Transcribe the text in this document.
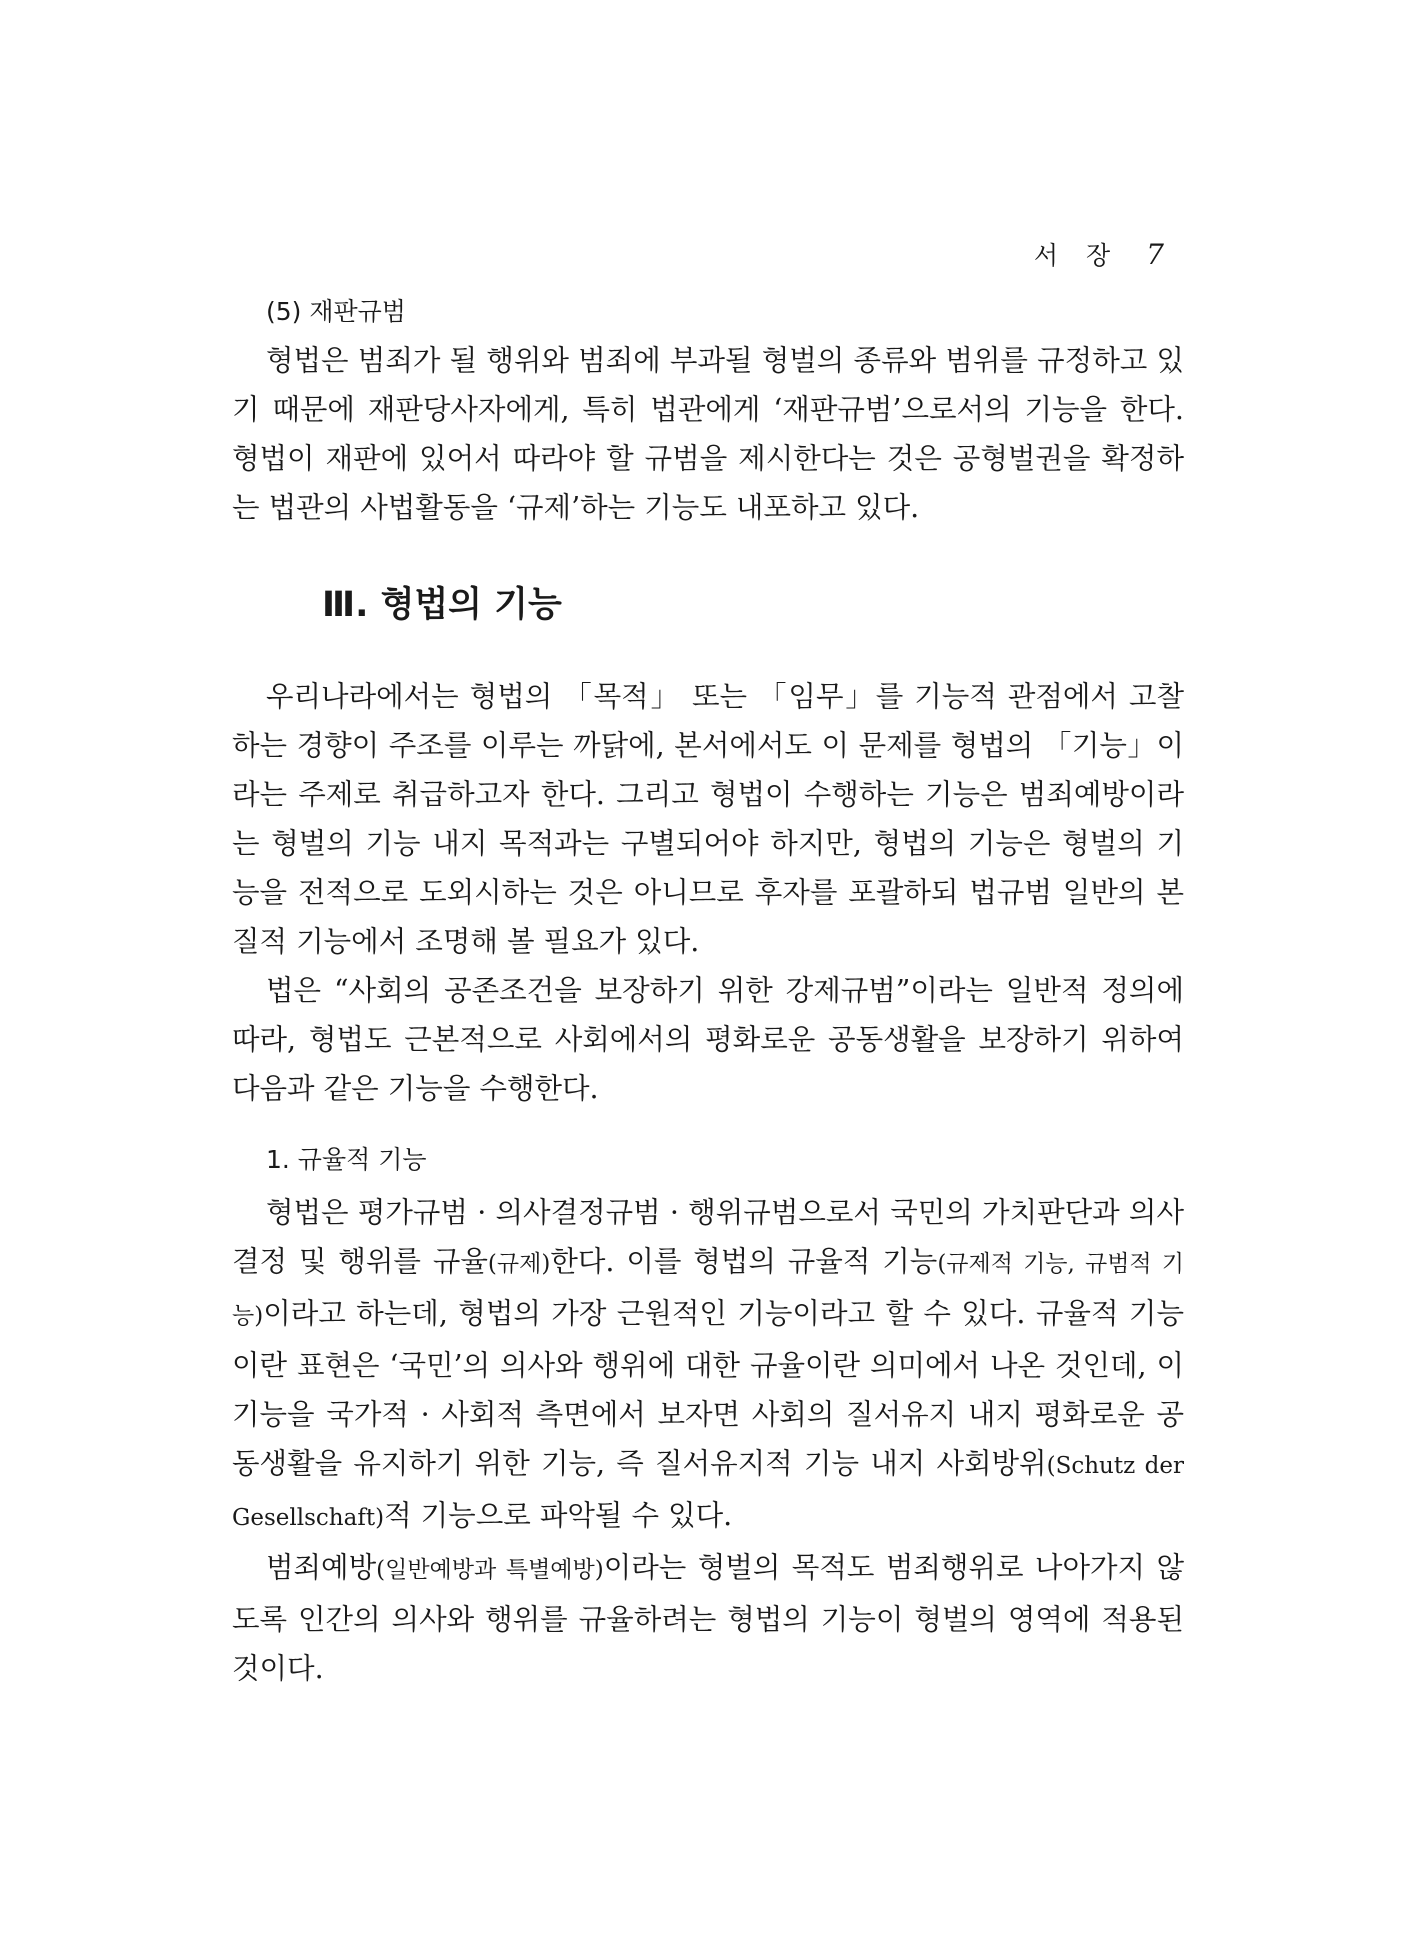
서장 7

(5) 재판규범

형법은 범죄가 될 행위와 범죄에 부과될 형벌의 종류와 범위를 규정하고 있기 때문에 재판당사자에게, 특히 법관에게 ‘재판규범’으로서의 기능을 한다. 형법이 재판에 있어서 따라야 할 규범을 제시한다는 것은 공형벌권을 확정하는 법관의 사법활동을 ‘규제’하는 기능도 내포하고 있다.

Ⅲ. 형법의 기능

우리나라에서는 형법의 「목적」 또는 「임무」를 기능적 관점에서 고찰하는 경향이 주조를 이루는 까닭에, 본서에서도 이 문제를 형법의 「기능」이라는 주제로 취급하고자 한다. 그리고 형법이 수행하는 기능은 범죄예방이라는 형벌의 기능 내지 목적과는 구별되어야 하지만, 형법의 기능은 형벌의 기능을 전적으로 도외시하는 것은 아니므로 후자를 포괄하되 법규범 일반의 본질적 기능에서 조명해 볼 필요가 있다.

법은 “사회의 공존조건을 보장하기 위한 강제규범”이라는 일반적 정의에 따라, 형법도 근본적으로 사회에서의 평화로운 공동생활을 보장하기 위하여 다음과 같은 기능을 수행한다.

1. 규율적 기능

형법은 평가규범 · 의사결정규범 · 행위규범으로서 국민의 가치판단과 의사결정 및 행위를 규율(규제)한다. 이를 형법의 규율적 기능(규제적 기능, 규범적 기능)이라고 하는데, 형법의 가장 근원적인 기능이라고 할 수 있다. 규율적 기능이란 표현은 ‘국민’의 의사와 행위에 대한 규율이란 의미에서 나온 것인데, 이 기능을 국가적 · 사회적 측면에서 보자면 사회의 질서유지 내지 평화로운 공동생활을 유지하기 위한 기능, 즉 질서유지적 기능 내지 사회방위(Schutz der Gesellschaft)적 기능으로 파악될 수 있다.

범죄예방(일반예방과 특별예방)이라는 형벌의 목적도 범죄행위로 나아가지 않도록 인간의 의사와 행위를 규율하려는 형법의 기능이 형벌의 영역에 적용된 것이다.
